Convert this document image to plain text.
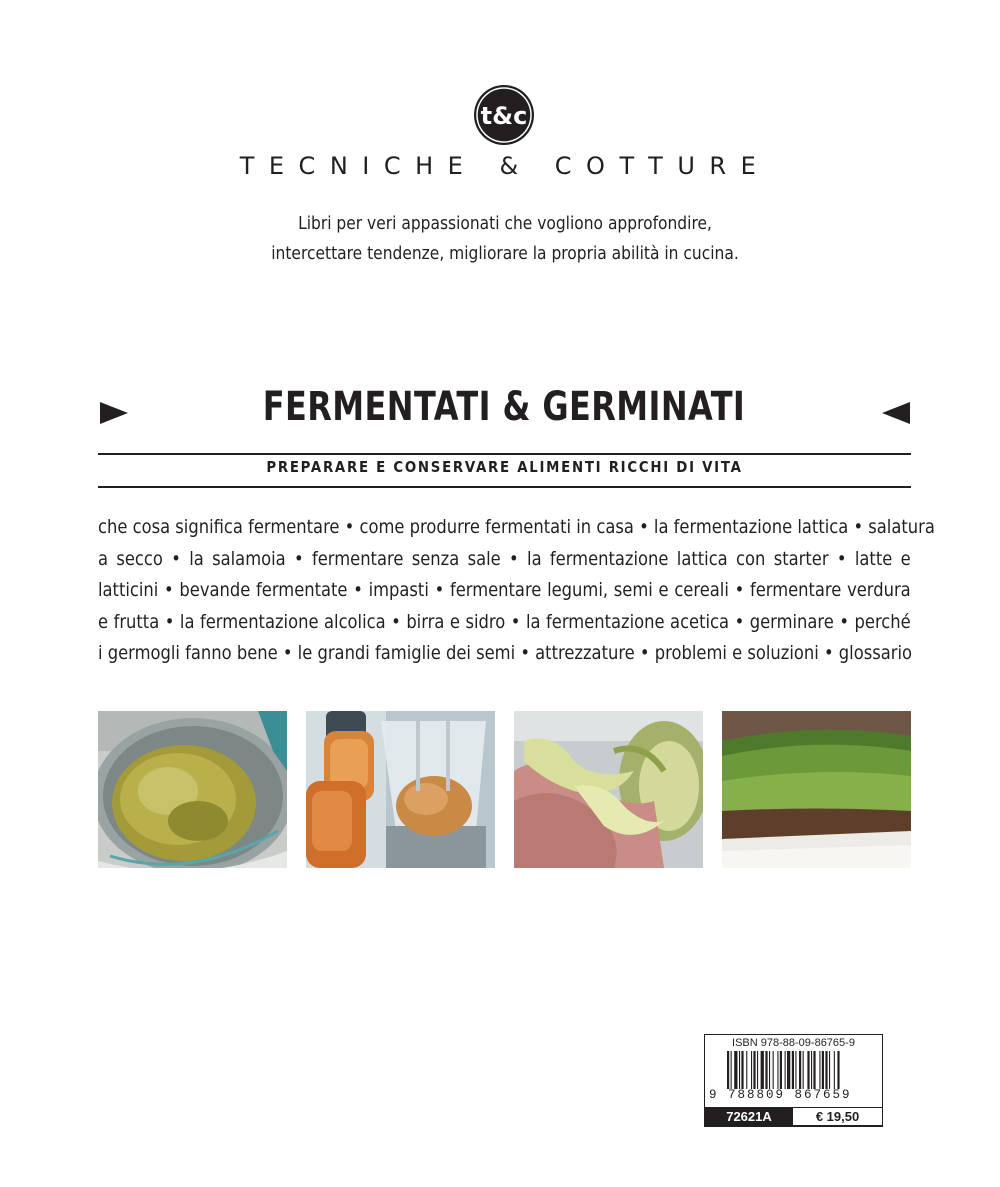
t&c
TECNICHE & COTTURE
Libri per veri appassionati che vogliono approfondire,
intercettare tendenze, migliorare la propria abilità in cucina.
FERMENTATI & GERMINATI
PREPARARE E CONSERVARE ALIMENTI RICCHI DI VITA
che cosa significa fermentare • come produrre fermentati in casa • la fermentazione lattica • salatura
a secco • la salamoia • fermentare senza sale • la fermentazione lattica con starter • latte e
latticini • bevande fermentate • impasti • fermentare legumi, semi e cereali • fermentare verdura
e frutta • la fermentazione alcolica • birra e sidro • la fermentazione acetica • germinare • perché
i germogli fanno bene • le grandi famiglie dei semi • attrezzature • problemi e soluzioni • glossario
ISBN 978-88-09-86765-9
9 788809 867659
72621A	€ 19,50
